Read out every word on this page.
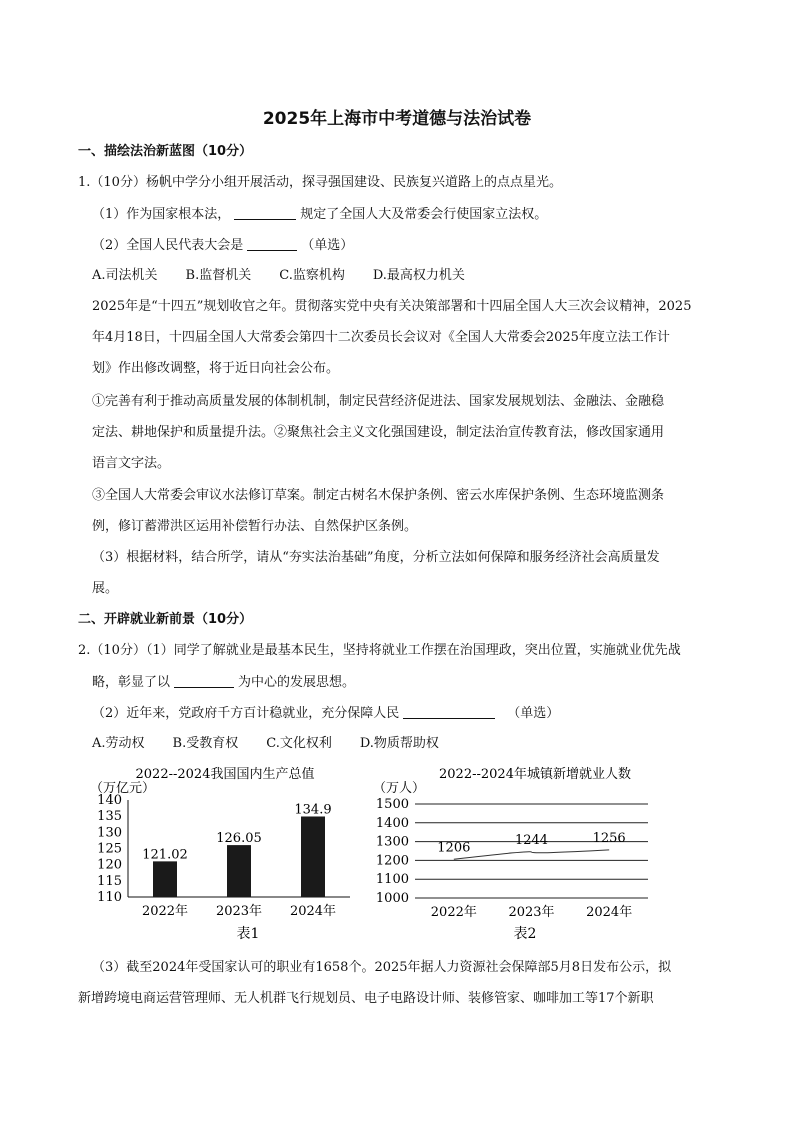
2025年上海市中考道德与法治试卷
一、描绘法治新蓝图（10分）
1.（10分）杨帆中学分小组开展活动，探寻强国建设、民族复兴道路上的点点星光。
（1）作为国家根本法，	规定了全国人大及常委会行使国家立法权。
（2）全国人民代表大会是	（单选）
A.司法机关 B.监督机关 C.监察机构 D.最高权力机关
2025年是“十四五”规划收官之年。贯彻落实党中央有关决策部署和十四届全国人大三次会议精神，2025
年4月18日，十四届全国人大常委会第四十二次委员长会议对《全国人大常委会2025年度立法工作计
划》作出修改调整，将于近日向社会公布。
①完善有利于推动高质量发展的体制机制，制定民营经济促进法、国家发展规划法、金融法、金融稳
定法、耕地保护和质量提升法。②聚焦社会主义文化强国建设，制定法治宣传教育法，修改国家通用
语言文字法。
③全国人大常委会审议水法修订草案。制定古树名木保护条例、密云水库保护条例、生态环境监测条
例，修订蓄滞洪区运用补偿暂行办法、自然保护区条例。
（3）根据材料，结合所学，请从“夯实法治基础”角度，分析立法如何保障和服务经济社会高质量发
展。
二、开辟就业新前景（10分）
2.（10分）（1）同学了解就业是最基本民生，坚持将就业工作摆在治国理政，突出位置，实施就业优先战
略，彰显了以	为中心的发展思想。
（2）近年来，党政府千方百计稳就业，充分保障人民	（单选）
A.劳动权 B.受教育权 C.文化权利 D.物质帮助权
2022--2024我国国内生产总值
（万亿元）
140
135
130
125
120
115
110
121.02
2022年
126.05
2023年
134.9
2024年
表1
2022--2024年城镇新增就业人数
（万人）
1500
1400
1300
1200
1100
1000
1206
2022年
1244
2023年
1256
2024年
表2
（3）截至2024年受国家认可的职业有1658个。2025年据人力资源社会保障部5月8日发布公示，拟
新增跨境电商运营管理师、无人机群飞行规划员、电子电路设计师、装修管家、咖啡加工等17个新职
